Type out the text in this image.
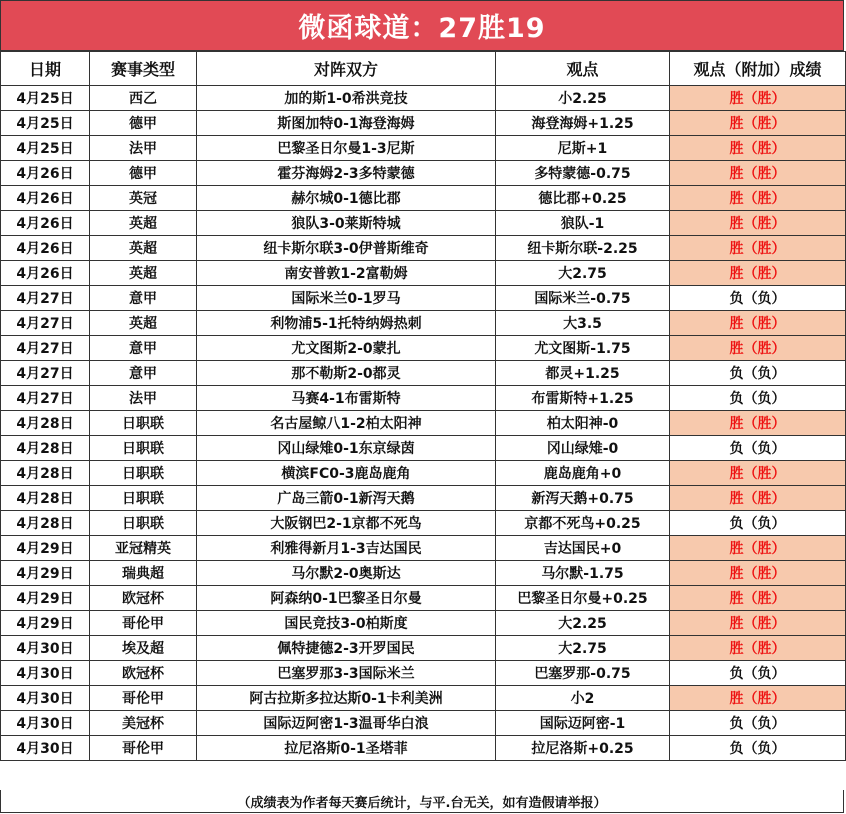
微函球道：27胜19
日期	赛事类型	对阵双方	观点	观点（附加）成绩
4月25日	西乙	加的斯1-0希洪竞技	小2.25	胜（胜）
4月25日	德甲	斯图加特0-1海登海姆	海登海姆+1.25	胜（胜）
4月25日	法甲	巴黎圣日尔曼1-3尼斯	尼斯+1	胜（胜）
4月26日	德甲	霍芬海姆2-3多特蒙德	多特蒙德-0.75	胜（胜）
4月26日	英冠	赫尔城0-1德比郡	德比郡+0.25	胜（胜）
4月26日	英超	狼队3-0莱斯特城	狼队-1	胜（胜）
4月26日	英超	纽卡斯尔联3-0伊普斯维奇	纽卡斯尔联-2.25	胜（胜）
4月26日	英超	南安普敦1-2富勒姆	大2.75	胜（胜）
4月27日	意甲	国际米兰0-1罗马	国际米兰-0.75	负（负）
4月27日	英超	利物浦5-1托特纳姆热刺	大3.5	胜（胜）
4月27日	意甲	尤文图斯2-0蒙扎	尤文图斯-1.75	胜（胜）
4月27日	意甲	那不勒斯2-0都灵	都灵+1.25	负（负）
4月27日	法甲	马赛4-1布雷斯特	布雷斯特+1.25	负（负）
4月28日	日职联	名古屋鲸八1-2柏太阳神	柏太阳神-0	胜（胜）
4月28日	日职联	冈山绿雉0-1东京绿茵	冈山绿雉-0	负（负）
4月28日	日职联	横滨FC0-3鹿岛鹿角	鹿岛鹿角+0	胜（胜）
4月28日	日职联	广岛三箭0-1新泻天鹅	新泻天鹅+0.75	胜（胜）
4月28日	日职联	大阪钢巴2-1京都不死鸟	京都不死鸟+0.25	负（负）
4月29日	亚冠精英	利雅得新月1-3吉达国民	吉达国民+0	胜（胜）
4月29日	瑞典超	马尔默2-0奥斯达	马尔默-1.75	胜（胜）
4月29日	欧冠杯	阿森纳0-1巴黎圣日尔曼	巴黎圣日尔曼+0.25	胜（胜）
4月29日	哥伦甲	国民竞技3-0柏斯度	大2.25	胜（胜）
4月30日	埃及超	佩特捷德2-3开罗国民	大2.75	胜（胜）
4月30日	欧冠杯	巴塞罗那3-3国际米兰	巴塞罗那-0.75	负（负）
4月30日	哥伦甲	阿古拉斯多拉达斯0-1卡利美洲	小2	胜（胜）
4月30日	美冠杯	国际迈阿密1-3温哥华白浪	国际迈阿密-1	负（负）
4月30日	哥伦甲	拉尼洛斯0-1圣塔菲	拉尼洛斯+0.25	负（负）
（成绩表为作者每天赛后统计，与平.台无关，如有造假请举报）
